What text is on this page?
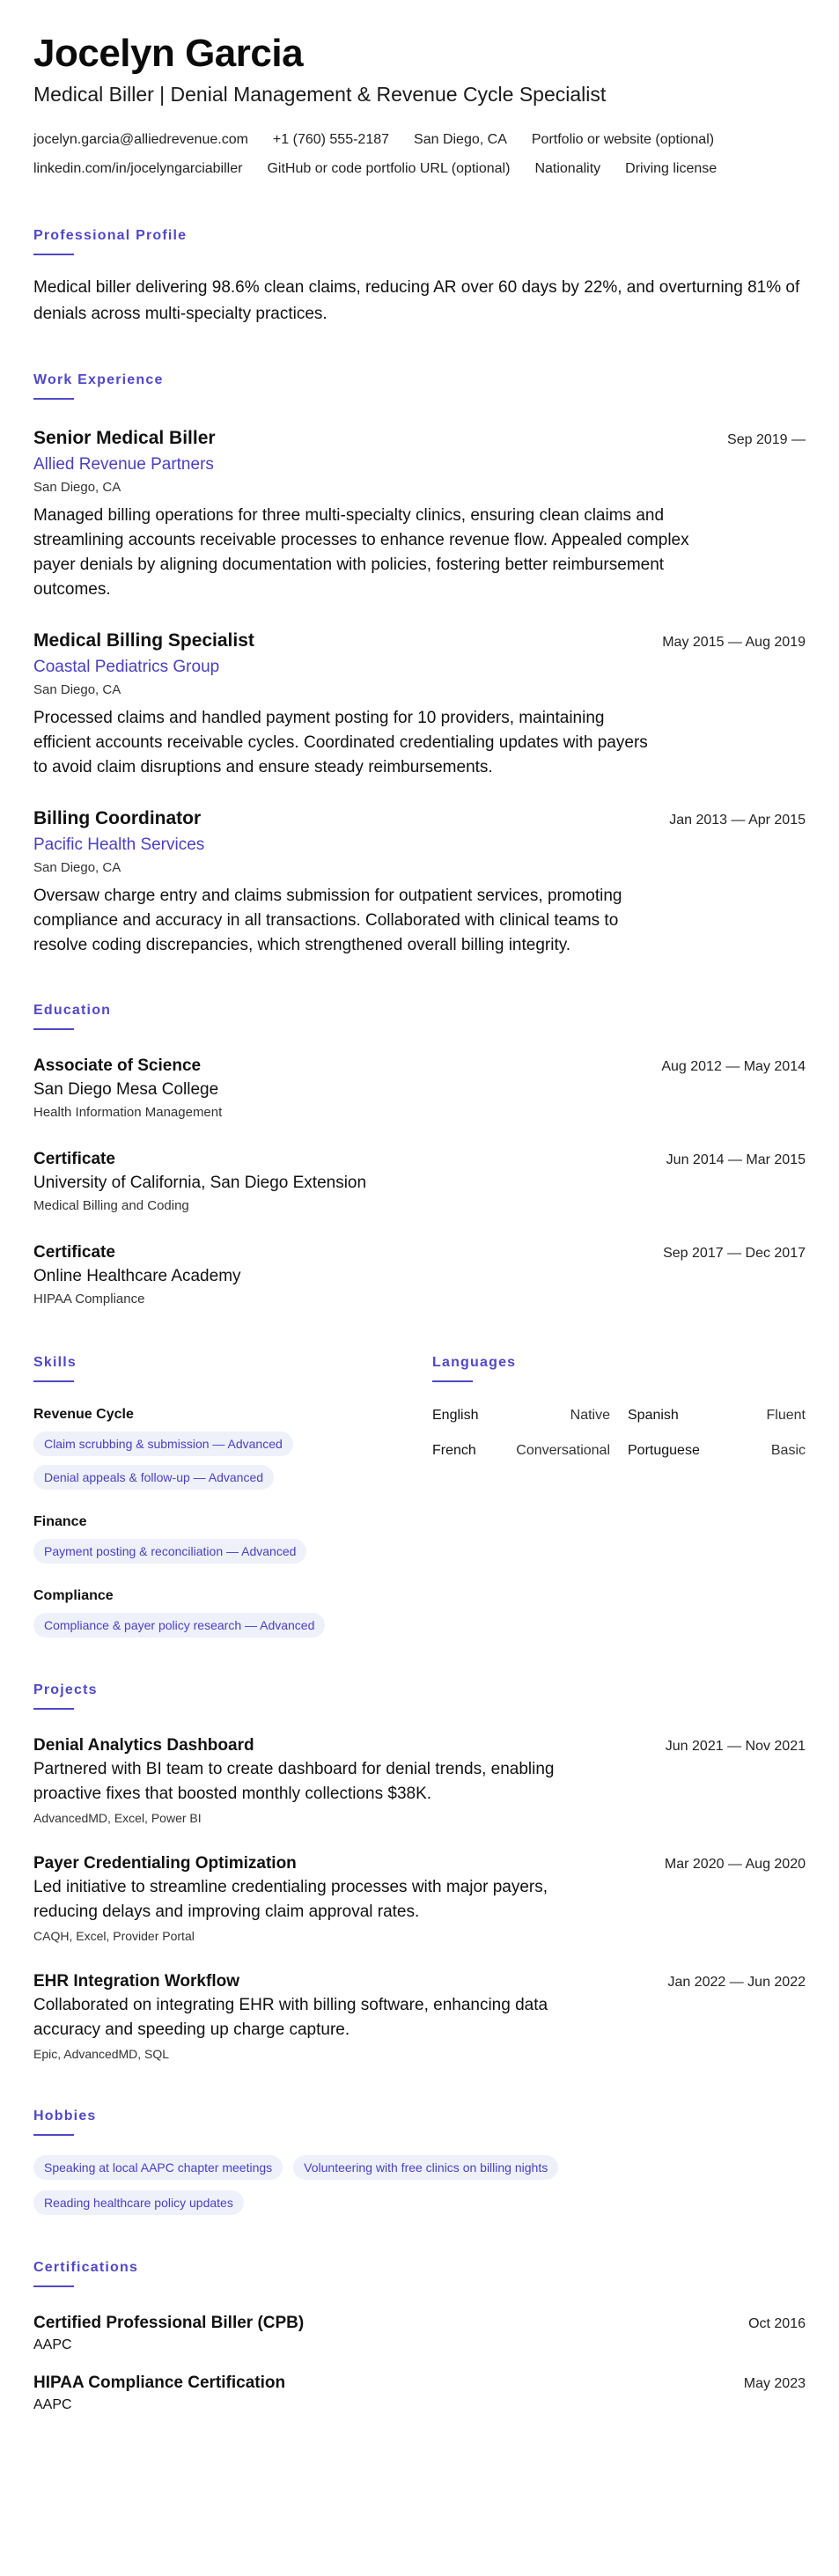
Jocelyn Garcia
Medical Biller | Denial Management & Revenue Cycle Specialist
jocelyn.garcia@alliedrevenue.com +1 (760) 555-2187 San Diego, CA Portfolio or website (optional)
linkedin.com/in/jocelyngarciabiller GitHub or code portfolio URL (optional) Nationality Driving license
Professional Profile

Medical biller delivering 98.6% clean claims, reducing AR over 60 days by 22%, and overturning 81% of denials across multi-specialty practices.

Work Experience
Senior Medical Biller	Sep 2019 —
Allied Revenue Partners
San Diego, CA

Managed billing operations for three multi-specialty clinics, ensuring clean claims and streamlining accounts receivable processes to enhance revenue flow. Appealed complex payer denials by aligning documentation with policies, fostering better reimbursement outcomes.

Medical Billing Specialist	May 2015 — Aug 2019
Coastal Pediatrics Group
San Diego, CA

Processed claims and handled payment posting for 10 providers, maintaining efficient accounts receivable cycles. Coordinated credentialing updates with payers to avoid claim disruptions and ensure steady reimbursements.

Billing Coordinator	Jan 2013 — Apr 2015
Pacific Health Services
San Diego, CA

Oversaw charge entry and claims submission for outpatient services, promoting compliance and accuracy in all transactions. Collaborated with clinical teams to resolve coding discrepancies, which strengthened overall billing integrity.

Education
Associate of Science	Aug 2012 — May 2014
San Diego Mesa College
Health Information Management
Certificate	Jun 2014 — Mar 2015
University of California, San Diego Extension
Medical Billing and Coding
Certificate	Sep 2017 — Dec 2017
Online Healthcare Academy
HIPAA Compliance
Skills
Revenue Cycle
Claim scrubbing & submission — Advanced
Denial appeals & follow-up — Advanced
Finance
Payment posting & reconciliation — Advanced
Compliance
Compliance & payer policy research — Advanced
Languages
English	Native Spanish	Fluent
French	Conversational Portuguese	Basic
Projects
Denial Analytics Dashboard	Jun 2021 — Nov 2021

Partnered with BI team to create dashboard for denial trends, enabling proactive fixes that boosted monthly collections $38K.

AdvancedMD, Excel, Power BI
Payer Credentialing Optimization	Mar 2020 — Aug 2020

Led initiative to streamline credentialing processes with major payers, reducing delays and improving claim approval rates.

CAQH, Excel, Provider Portal
EHR Integration Workflow	Jan 2022 — Jun 2022

Collaborated on integrating EHR with billing software, enhancing data accuracy and speeding up charge capture.

Epic, AdvancedMD, SQL
Hobbies
Speaking at local AAPC chapter meetings	Volunteering with free clinics on billing nights
Reading healthcare policy updates
Certifications
Certified Professional Biller (CPB)	Oct 2016
AAPC
HIPAA Compliance Certification	May 2023
AAPC
